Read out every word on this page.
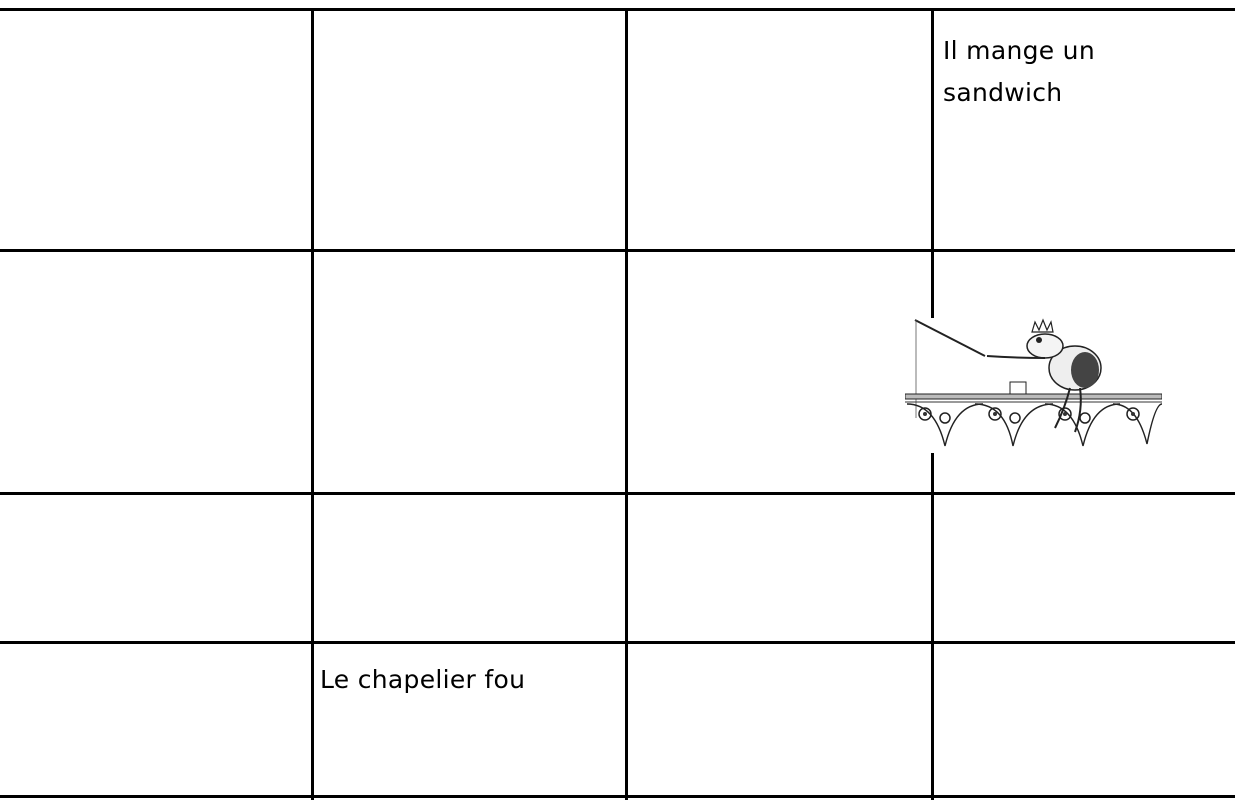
Il mange un sandwich
Le chapelier fou
